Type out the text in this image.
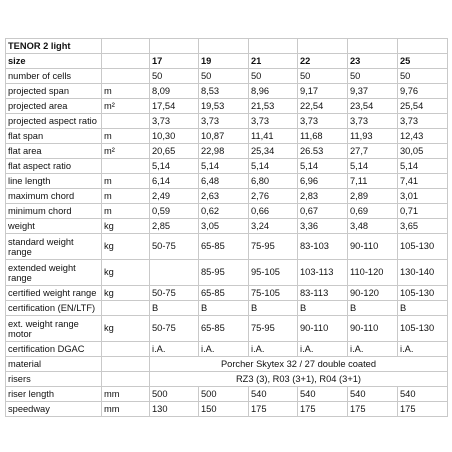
TENOR 2 light							
size		17	19	21	22	23	25
number of cells		50	50	50	50	50	50
projected span	m	8,09	8,53	8,96	9,17	9,37	9,76
projected area	m²	17,54	19,53	21,53	22,54	23,54	25,54
projected aspect ratio		3,73	3,73	3,73	3,73	3,73	3,73
flat span	m	10,30	10,87	11,41	11,68	11,93	12,43
flat area	m²	20,65	22,98	25,34	26.53	27,7	30,05
flat aspect ratio		5,14	5,14	5,14	5,14	5,14	5,14
line length	m	6,14	6,48	6,80	6,96	7,11	7,41
maximum chord	m	2,49	2,63	2,76	2,83	2,89	3,01
minimum chord	m	0,59	0,62	0,66	0,67	0,69	0,71
weight	kg	2,85	3,05	3,24	3,36	3,48	3,65
standard weight range	kg	50-75	65-85	75-95	83-103	90-110	105-130
extended weight range	kg		85-95	95-105	103-113	110-120	130-140
certified weight range	kg	50-75	65-85	75-105	83-113	90-120	105-130
certification (EN/LTF)		B	B	B	B	B	B
ext. weight range motor	kg	50-75	65-85	75-95	90-110	90-110	105-130
certification DGAC		i.A.	i.A.	i.A.	i.A.	i.A.	i.A.
material		Porcher Skytex 32 / 27 double coated					
risers		RZ3 (3), R03 (3+1), R04 (3+1)					
riser length	mm	500	500	540	540	540	540
speedway	mm	130	150	175	175	175	175
